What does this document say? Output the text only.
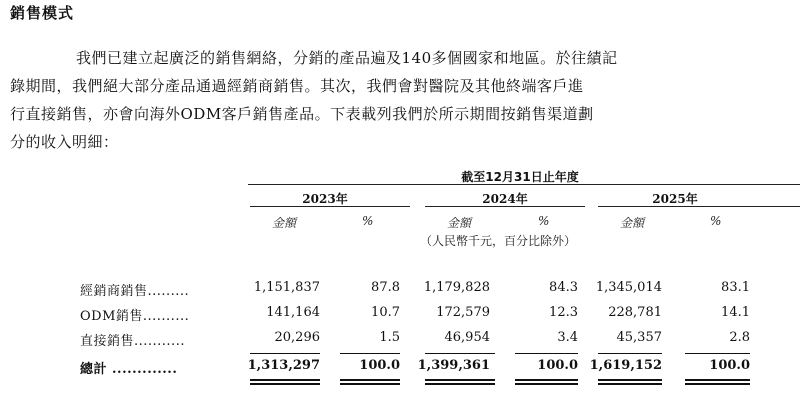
銷售模式
我們已建立起廣泛的銷售網絡，分銷的產品遍及140多個國家和地區。於往績記
錄期間，我們絕大部分產品通過經銷商銷售。其次，我們會對醫院及其他終端客戶進
行直接銷售，亦會向海外ODM客戶銷售產品。下表載列我們於所示期間按銷售渠道劃
分的收入明細：
截至12月31日止年度
2023年	2024年	2025年
金額	%	金額	%	金額	%
（人民幣千元，百分比除外）
經銷商銷售.........	1,151,837	87.8 1,179,828	84.3 1,345,014	83.1
ODM銷售..........	141,164	10.7	172,579	12.3 228,781	14.1
直接銷售...........	20,296	1.5	46,954	3.4	45,357	2.8
總計 .............	1,313,297	100.0 1,399,361	100.0 1,619,152	100.0
